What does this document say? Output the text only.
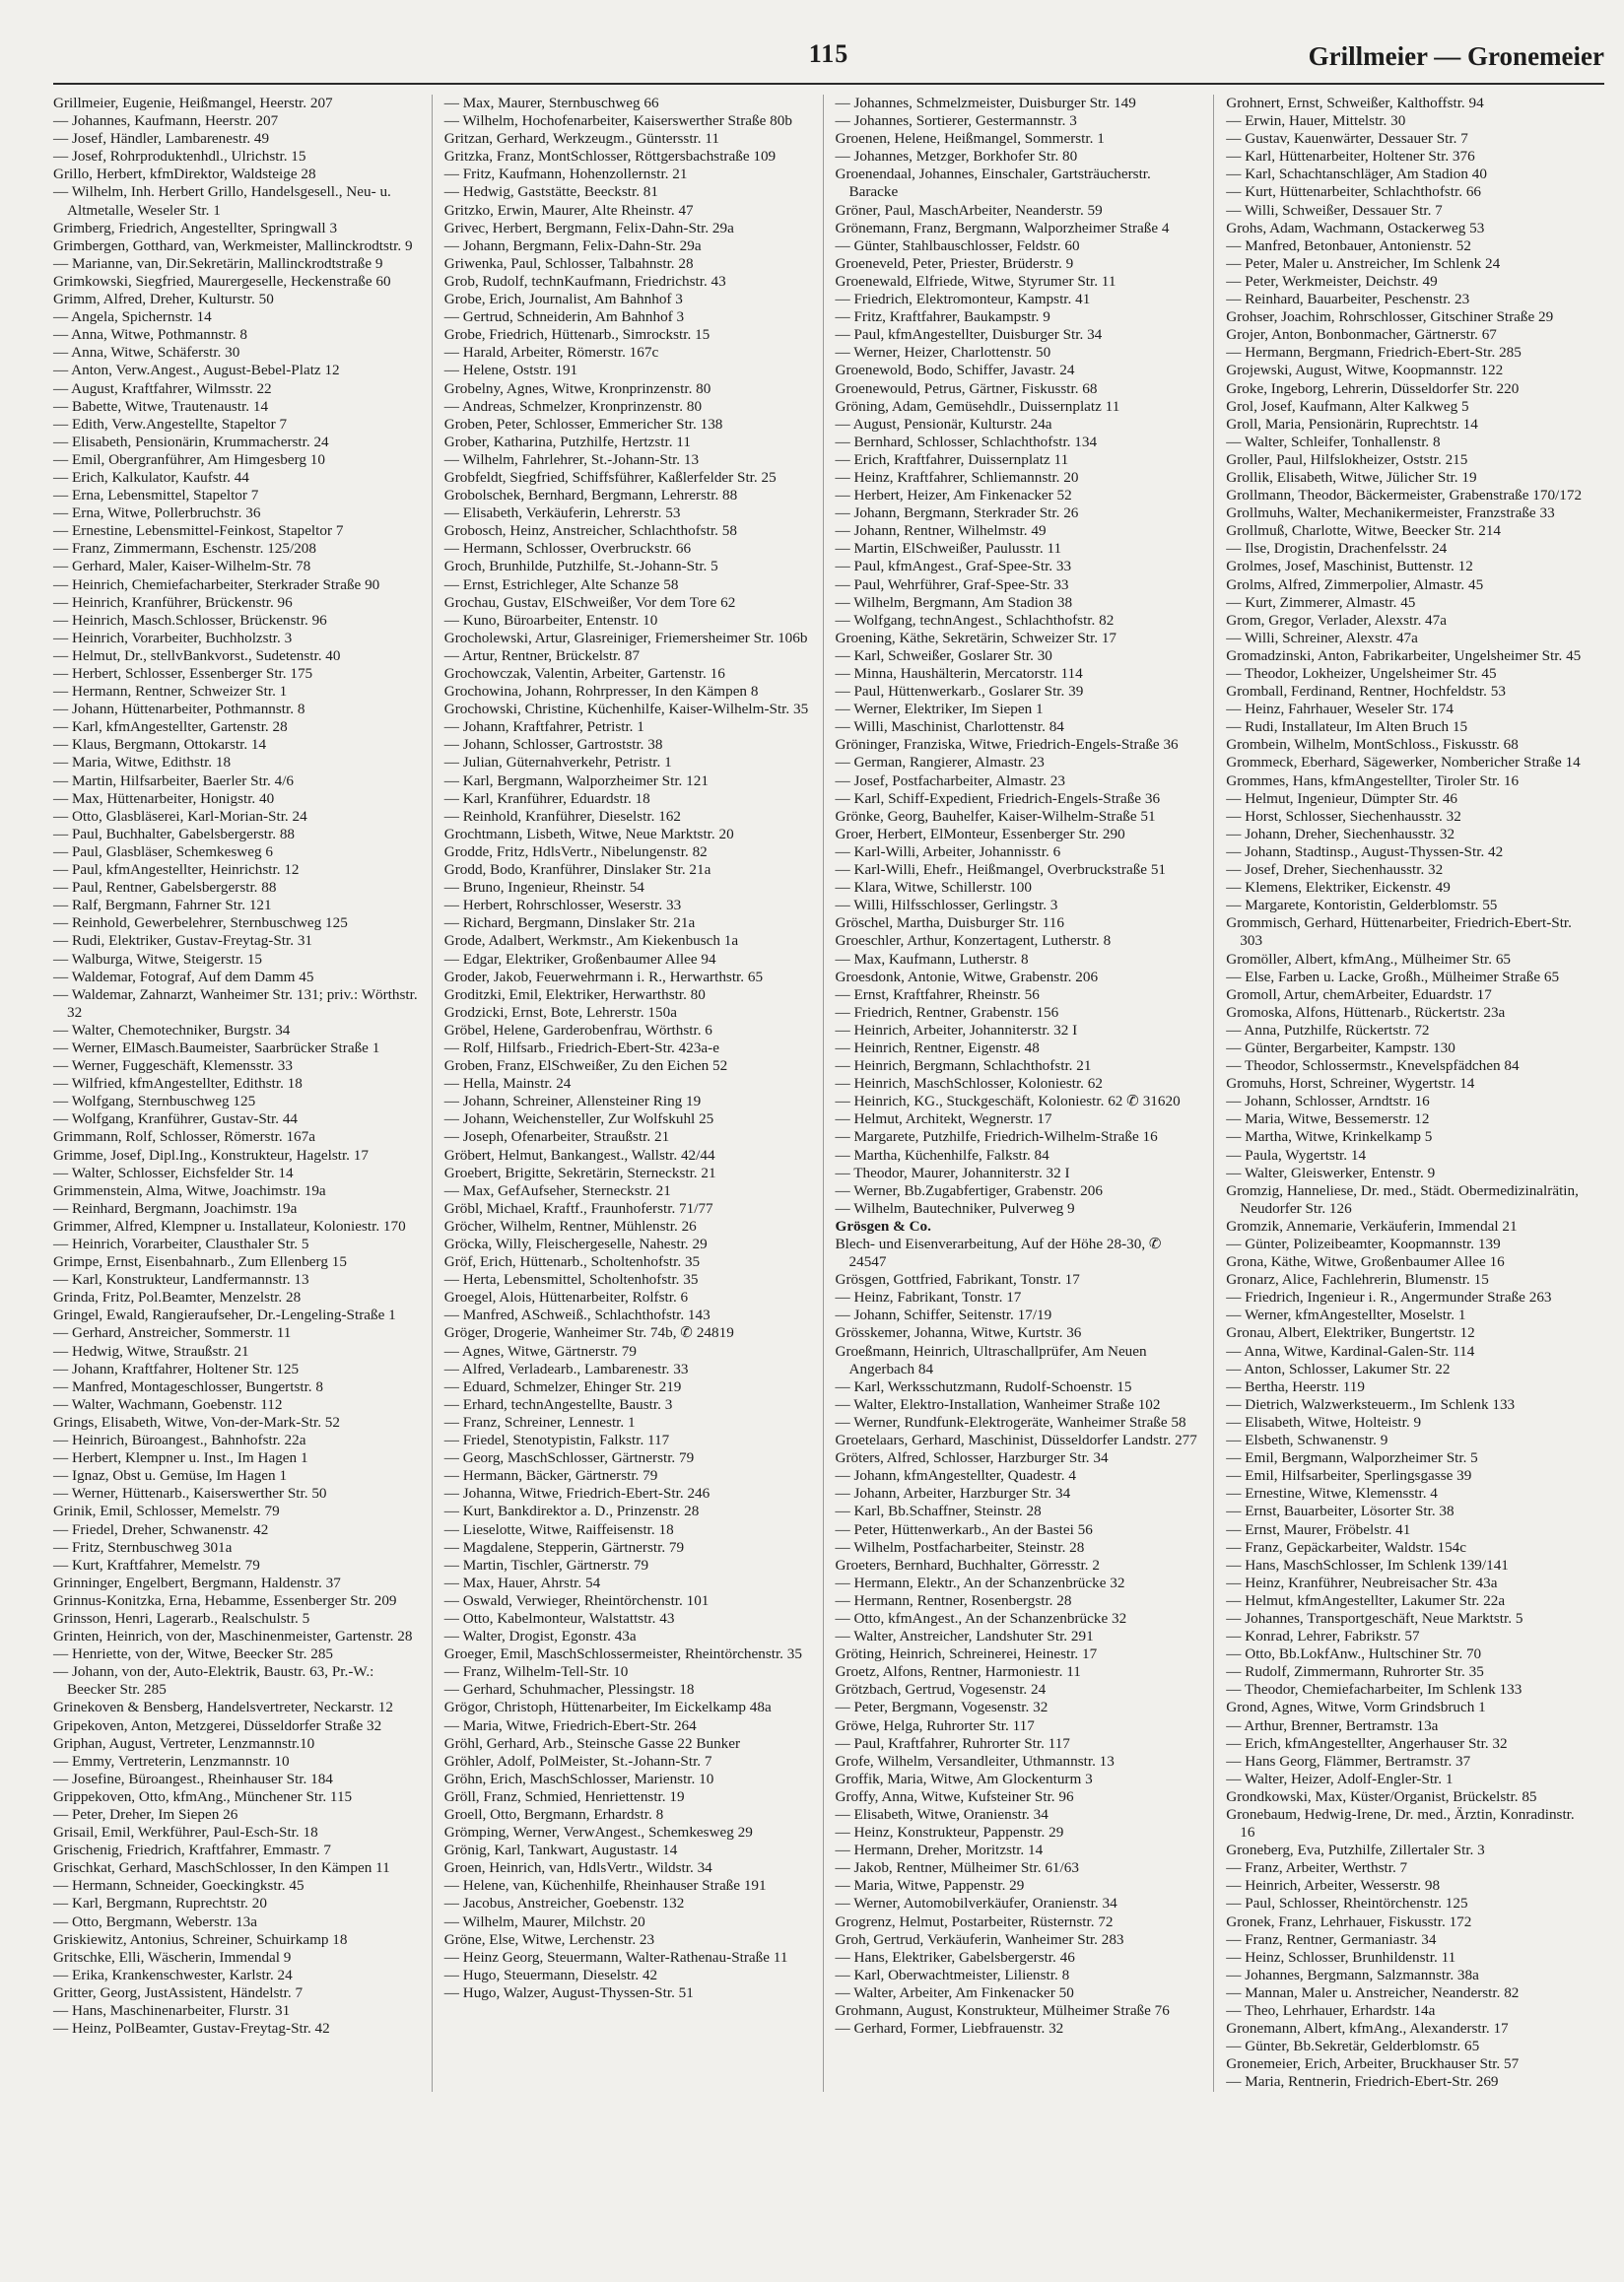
115	Grillmeier — Gronemeier

Grillmeier, Eugenie, Heißmangel, Heerstr. 207

— Johannes, Kaufmann, Heerstr. 207

— Josef, Händler, Lambarenestr. 49

— Josef, Rohrproduktenhdl., Ulrichstr. 15

Grillo, Herbert, kfmDirektor, Waldsteige 28

— Wilhelm, Inh. Herbert Grillo, Handelsgesell., Neu- u. Altmetalle, Weseler Str. 1

Grimberg, Friedrich, Angestellter, Springwall 3

Grimbergen, Gotthard, van, Werkmeister, Mallinckrodtstr. 9

— Marianne, van, Dir.Sekretärin, Mallinckrodtstraße 9

Grimkowski, Siegfried, Maurergeselle, Heckenstraße 60

Grimm, Alfred, Dreher, Kulturstr. 50

— Angela, Spichernstr. 14

— Anna, Witwe, Pothmannstr. 8

— Anna, Witwe, Schäferstr. 30

— Anton, Verw.Angest., August-Bebel-Platz 12

— August, Kraftfahrer, Wilmsstr. 22

— Babette, Witwe, Trautenaustr. 14

— Edith, Verw.Angestellte, Stapeltor 7

— Elisabeth, Pensionärin, Krummacherstr. 24

— Emil, Obergranführer, Am Himgesberg 10

— Erich, Kalkulator, Kaufstr. 44

— Erna, Lebensmittel, Stapeltor 7

— Erna, Witwe, Pollerbruchstr. 36

— Ernestine, Lebensmittel-Feinkost, Stapeltor 7

— Franz, Zimmermann, Eschenstr. 125/208

— Gerhard, Maler, Kaiser-Wilhelm-Str. 78

— Heinrich, Chemiefacharbeiter, Sterkrader Straße 90

— Heinrich, Kranführer, Brückenstr. 96

— Heinrich, Masch.Schlosser, Brückenstr. 96

— Heinrich, Vorarbeiter, Buchholzstr. 3

— Helmut, Dr., stellvBankvorst., Sudetenstr. 40

— Herbert, Schlosser, Essenberger Str. 175

— Hermann, Rentner, Schweizer Str. 1

— Johann, Hüttenarbeiter, Pothmannstr. 8

— Karl, kfmAngestellter, Gartenstr. 28

— Klaus, Bergmann, Ottokarstr. 14

— Maria, Witwe, Edithstr. 18

— Martin, Hilfsarbeiter, Baerler Str. 4/6

— Max, Hüttenarbeiter, Honigstr. 40

— Otto, Glasbläserei, Karl-Morian-Str. 24

— Paul, Buchhalter, Gabelsbergerstr. 88

— Paul, Glasbläser, Schemkesweg 6

— Paul, kfmAngestellter, Heinrichstr. 12

— Paul, Rentner, Gabelsbergerstr. 88

— Ralf, Bergmann, Fahrner Str. 121

— Reinhold, Gewerbelehrer, Sternbuschweg 125

— Rudi, Elektriker, Gustav-Freytag-Str. 31

— Walburga, Witwe, Steigerstr. 15

— Waldemar, Fotograf, Auf dem Damm 45

— Waldemar, Zahnarzt, Wanheimer Str. 131; priv.: Wörthstr. 32

— Walter, Chemotechniker, Burgstr. 34

— Werner, ElMasch.Baumeister, Saarbrücker Straße 1

— Werner, Fuggeschäft, Klemensstr. 33

— Wilfried, kfmAngestellter, Edithstr. 18

— Wolfgang, Sternbuschweg 125

— Wolfgang, Kranführer, Gustav-Str. 44

Grimmann, Rolf, Schlosser, Römerstr. 167a

Grimme, Josef, Dipl.Ing., Konstrukteur, Hagelstr. 17

— Walter, Schlosser, Eichsfelder Str. 14

Grimmenstein, Alma, Witwe, Joachimstr. 19a

— Reinhard, Bergmann, Joachimstr. 19a

Grimmer, Alfred, Klempner u. Installateur, Koloniestr. 170

— Heinrich, Vorarbeiter, Clausthaler Str. 5

Grimpe, Ernst, Eisenbahnarb., Zum Ellenberg 15

— Karl, Konstrukteur, Landfermannstr. 13

Grinda, Fritz, Pol.Beamter, Menzelstr. 28

Gringel, Ewald, Rangieraufseher, Dr.-Lengeling-Straße 1

— Gerhard, Anstreicher, Sommerstr. 11

— Hedwig, Witwe, Straußstr. 21

— Johann, Kraftfahrer, Holtener Str. 125

— Manfred, Montageschlosser, Bungertstr. 8

— Walter, Wachmann, Goebenstr. 112

Grings, Elisabeth, Witwe, Von-der-Mark-Str. 52

— Heinrich, Büroangest., Bahnhofstr. 22a

— Herbert, Klempner u. Inst., Im Hagen 1

— Ignaz, Obst u. Gemüse, Im Hagen 1

— Werner, Hüttenarb., Kaiserswerther Str. 50

Grinik, Emil, Schlosser, Memelstr. 79

— Friedel, Dreher, Schwanenstr. 42

— Fritz, Sternbuschweg 301a

— Kurt, Kraftfahrer, Memelstr. 79

Grinninger, Engelbert, Bergmann, Haldenstr. 37

Grinnus-Konitzka, Erna, Hebamme, Essenberger Str. 209

Grinsson, Henri, Lagerarb., Realschulstr. 5

Grinten, Heinrich, von der, Maschinenmeister, Gartenstr. 28

— Henriette, von der, Witwe, Beecker Str. 285

— Johann, von der, Auto-Elektrik, Baustr. 63, Pr.-W.: Beecker Str. 285

Grinekoven & Bensberg, Handelsvertreter, Neckarstr. 12

Gripekoven, Anton, Metzgerei, Düsseldorfer Straße 32

Griphan, August, Vertreter, Lenzmannstr.10

— Emmy, Vertreterin, Lenzmannstr. 10

— Josefine, Büroangest., Rheinhauser Str. 184

Grippekoven, Otto, kfmAng., Münchener Str. 115

— Peter, Dreher, Im Siepen 26

Grisail, Emil, Werkführer, Paul-Esch-Str. 18

Grischenig, Friedrich, Kraftfahrer, Emmastr. 7

Grischkat, Gerhard, MaschSchlosser, In den Kämpen 11

— Hermann, Schneider, Goeckingkstr. 45

— Karl, Bergmann, Ruprechtstr. 20

— Otto, Bergmann, Weberstr. 13a

Griskiewitz, Antonius, Schreiner, Schuirkamp 18

Gritschke, Elli, Wäscherin, Immendal 9

— Erika, Krankenschwester, Karlstr. 24

Gritter, Georg, JustAssistent, Händelstr. 7

— Hans, Maschinenarbeiter, Flurstr. 31

— Heinz, PolBeamter, Gustav-Freytag-Str. 42

— Max, Maurer, Sternbuschweg 66

— Wilhelm, Hochofenarbeiter, Kaiserswerther Straße 80b

Gritzan, Gerhard, Werkzeugm., Güntersstr. 11

Gritzka, Franz, MontSchlosser, Röttgersbachstraße 109

— Fritz, Kaufmann, Hohenzollernstr. 21

— Hedwig, Gaststätte, Beeckstr. 81

Gritzko, Erwin, Maurer, Alte Rheinstr. 47

Grivec, Herbert, Bergmann, Felix-Dahn-Str. 29a

— Johann, Bergmann, Felix-Dahn-Str. 29a

Griwenka, Paul, Schlosser, Talbahnstr. 28

Grob, Rudolf, technKaufmann, Friedrichstr. 43

Grobe, Erich, Journalist, Am Bahnhof 3

— Gertrud, Schneiderin, Am Bahnhof 3

Grobe, Friedrich, Hüttenarb., Simrockstr. 15

— Harald, Arbeiter, Römerstr. 167c

— Helene, Oststr. 191

Grobelny, Agnes, Witwe, Kronprinzenstr. 80

— Andreas, Schmelzer, Kronprinzenstr. 80

Groben, Peter, Schlosser, Emmericher Str. 138

Grober, Katharina, Putzhilfe, Hertzstr. 11

— Wilhelm, Fahrlehrer, St.-Johann-Str. 13

Grobfeldt, Siegfried, Schiffsführer, Kaßlerfelder Str. 25

Grobolschek, Bernhard, Bergmann, Lehrerstr. 88

— Elisabeth, Verkäuferin, Lehrerstr. 53

Grobosch, Heinz, Anstreicher, Schlachthofstr. 58

— Hermann, Schlosser, Overbruckstr. 66

Groch, Brunhilde, Putzhilfe, St.-Johann-Str. 5

— Ernst, Estrichleger, Alte Schanze 58

Grochau, Gustav, ElSchweißer, Vor dem Tore 62

— Kuno, Büroarbeiter, Entenstr. 10

Grocholewski, Artur, Glasreiniger, Friemersheimer Str. 106b

— Artur, Rentner, Brückelstr. 87

Grochowczak, Valentin, Arbeiter, Gartenstr. 16

Grochowina, Johann, Rohrpresser, In den Kämpen 8

Grochowski, Christine, Küchenhilfe, Kaiser-Wilhelm-Str. 35

— Johann, Kraftfahrer, Petristr. 1

— Johann, Schlosser, Gartroststr. 38

— Julian, Güternahverkehr, Petristr. 1

— Karl, Bergmann, Walporzheimer Str. 121

— Karl, Kranführer, Eduardstr. 18

— Reinhold, Kranführer, Dieselstr. 162

Grochtmann, Lisbeth, Witwe, Neue Marktstr. 20

Grodde, Fritz, HdlsVertr., Nibelungenstr. 82

Grodd, Bodo, Kranführer, Dinslaker Str. 21a

— Bruno, Ingenieur, Rheinstr. 54

— Herbert, Rohrschlosser, Weserstr. 33

— Richard, Bergmann, Dinslaker Str. 21a

Grode, Adalbert, Werkmstr., Am Kiekenbusch 1a

— Edgar, Elektriker, Großenbaumer Allee 94

Groder, Jakob, Feuerwehrmann i. R., Herwarthstr. 65

Groditzki, Emil, Elektriker, Herwarthstr. 80

Grodzicki, Ernst, Bote, Lehrerstr. 150a

Gröbel, Helene, Garderobenfrau, Wörthstr. 6

— Rolf, Hilfsarb., Friedrich-Ebert-Str. 423a-e

Groben, Franz, ElSchweißer, Zu den Eichen 52

— Hella, Mainstr. 24

— Johann, Schreiner, Allensteiner Ring 19

— Johann, Weichensteller, Zur Wolfskuhl 25

— Joseph, Ofenarbeiter, Straußstr. 21

Gröbert, Helmut, Bankangest., Wallstr. 42/44

Groebert, Brigitte, Sekretärin, Sterneckstr. 21

— Max, GefAufseher, Sterneckstr. 21

Gröbl, Michael, Kraftf., Fraunhoferstr. 71/77

Gröcher, Wilhelm, Rentner, Mühlenstr. 26

Gröcka, Willy, Fleischergeselle, Nahestr. 29

Gröf, Erich, Hüttenarb., Scholtenhofstr. 35

— Herta, Lebensmittel, Scholtenhofstr. 35

Groegel, Alois, Hüttenarbeiter, Rolfstr. 6

— Manfred, ASchweiß., Schlachthofstr. 143

Gröger, Drogerie, Wanheimer Str. 74b, ✆ 24819

— Agnes, Witwe, Gärtnerstr. 79

— Alfred, Verladearb., Lambarenestr. 33

— Eduard, Schmelzer, Ehinger Str. 219

— Erhard, technAngestellte, Baustr. 3

— Franz, Schreiner, Lennestr. 1

— Friedel, Stenotypistin, Falkstr. 117

— Georg, MaschSchlosser, Gärtnerstr. 79

— Hermann, Bäcker, Gärtnerstr. 79

— Johanna, Witwe, Friedrich-Ebert-Str. 246

— Kurt, Bankdirektor a. D., Prinzenstr. 28

— Lieselotte, Witwe, Raiffeisenstr. 18

— Magdalene, Stepperin, Gärtnerstr. 79

— Martin, Tischler, Gärtnerstr. 79

— Max, Hauer, Ahrstr. 54

— Oswald, Verwieger, Rheintörchenstr. 101

— Otto, Kabelmonteur, Walstattstr. 43

— Walter, Drogist, Egonstr. 43a

Groeger, Emil, MaschSchlossermeister, Rheintörchenstr. 35

— Franz, Wilhelm-Tell-Str. 10

— Gerhard, Schuhmacher, Plessingstr. 18

Grögor, Christoph, Hüttenarbeiter, Im Eickelkamp 48a

— Maria, Witwe, Friedrich-Ebert-Str. 264

Gröhl, Gerhard, Arb., Steinsche Gasse 22 Bunker

Gröhler, Adolf, PolMeister, St.-Johann-Str. 7

Gröhn, Erich, MaschSchlosser, Marienstr. 10

Gröll, Franz, Schmied, Henriettenstr. 19

Groell, Otto, Bergmann, Erhardstr. 8

Grömping, Werner, VerwAngest., Schemkesweg 29

Grönig, Karl, Tankwart, Augustastr. 14

Groen, Heinrich, van, HdlsVertr., Wildstr. 34

— Helene, van, Küchenhilfe, Rheinhauser Straße 191

— Jacobus, Anstreicher, Goebenstr. 132

— Wilhelm, Maurer, Milchstr. 20

Gröne, Else, Witwe, Lerchenstr. 23

— Heinz Georg, Steuermann, Walter-Rathenau-Straße 11

— Hugo, Steuermann, Dieselstr. 42

— Hugo, Walzer, August-Thyssen-Str. 51

— Johannes, Schmelzmeister, Duisburger Str. 149

— Johannes, Sortierer, Gestermannstr. 3

Groenen, Helene, Heißmangel, Sommerstr. 1

— Johannes, Metzger, Borkhofer Str. 80

Groenendaal, Johannes, Einschaler, Gartsträucherstr. Baracke

Gröner, Paul, MaschArbeiter, Neanderstr. 59

Grönemann, Franz, Bergmann, Walporzheimer Straße 4

— Günter, Stahlbauschlosser, Feldstr. 60

Groeneveld, Peter, Priester, Brüderstr. 9

Groenewald, Elfriede, Witwe, Styrumer Str. 11

— Friedrich, Elektromonteur, Kampstr. 41

— Fritz, Kraftfahrer, Baukampstr. 9

— Paul, kfmAngestellter, Duisburger Str. 34

— Werner, Heizer, Charlottenstr. 50

Groenewold, Bodo, Schiffer, Javastr. 24

Groenewould, Petrus, Gärtner, Fiskusstr. 68

Gröning, Adam, Gemüsehdlr., Duissernplatz 11

— August, Pensionär, Kulturstr. 24a

— Bernhard, Schlosser, Schlachthofstr. 134

— Erich, Kraftfahrer, Duissernplatz 11

— Heinz, Kraftfahrer, Schliemannstr. 20

— Herbert, Heizer, Am Finkenacker 52

— Johann, Bergmann, Sterkrader Str. 26

— Johann, Rentner, Wilhelmstr. 49

— Martin, ElSchweißer, Paulusstr. 11

— Paul, kfmAngest., Graf-Spee-Str. 33

— Paul, Wehrführer, Graf-Spee-Str. 33

— Wilhelm, Bergmann, Am Stadion 38

— Wolfgang, technAngest., Schlachthofstr. 82

Groening, Käthe, Sekretärin, Schweizer Str. 17

— Karl, Schweißer, Goslarer Str. 30

— Minna, Haushälterin, Mercatorstr. 114

— Paul, Hüttenwerkarb., Goslarer Str. 39

— Werner, Elektriker, Im Siepen 1

— Willi, Maschinist, Charlottenstr. 84

Gröninger, Franziska, Witwe, Friedrich-Engels-Straße 36

— German, Rangierer, Almastr. 23

— Josef, Postfacharbeiter, Almastr. 23

— Karl, Schiff-Expedient, Friedrich-Engels-Straße 36

Grönke, Georg, Bauhelfer, Kaiser-Wilhelm-Straße 51

Groer, Herbert, ElMonteur, Essenberger Str. 290

— Karl-Willi, Arbeiter, Johannisstr. 6

— Karl-Willi, Ehefr., Heißmangel, Overbruckstraße 51

— Klara, Witwe, Schillerstr. 100

— Willi, Hilfsschlosser, Gerlingstr. 3

Gröschel, Martha, Duisburger Str. 116

Groeschler, Arthur, Konzertagent, Lutherstr. 8

— Max, Kaufmann, Lutherstr. 8

Groesdonk, Antonie, Witwe, Grabenstr. 206

— Ernst, Kraftfahrer, Rheinstr. 56

— Friedrich, Rentner, Grabenstr. 156

— Heinrich, Arbeiter, Johanniterstr. 32 I

— Heinrich, Rentner, Eigenstr. 48

— Heinrich, Bergmann, Schlachthofstr. 21

— Heinrich, MaschSchlosser, Koloniestr. 62

— Heinrich, KG., Stuckgeschäft, Koloniestr. 62 ✆ 31620

— Helmut, Architekt, Wegnerstr. 17

— Margarete, Putzhilfe, Friedrich-Wilhelm-Straße 16

— Martha, Küchenhilfe, Falkstr. 84

— Theodor, Maurer, Johanniterstr. 32 I

— Werner, Bb.Zugabfertiger, Grabenstr. 206

— Wilhelm, Bautechniker, Pulverweg 9

Grösgen & Co.

Blech- und Eisenverarbeitung, Auf der Höhe 28-30, ✆ 24547

Grösgen, Gottfried, Fabrikant, Tonstr. 17

— Heinz, Fabrikant, Tonstr. 17

— Johann, Schiffer, Seitenstr. 17/19

Grösskemer, Johanna, Witwe, Kurtstr. 36

Groeßmann, Heinrich, Ultraschallprüfer, Am Neuen Angerbach 84

— Karl, Werksschutzmann, Rudolf-Schoenstr. 15

— Walter, Elektro-Installation, Wanheimer Straße 102

— Werner, Rundfunk-Elektrogeräte, Wanheimer Straße 58

Groetelaars, Gerhard, Maschinist, Düsseldorfer Landstr. 277

Gröters, Alfred, Schlosser, Harzburger Str. 34

— Johann, kfmAngestellter, Quadestr. 4

— Johann, Arbeiter, Harzburger Str. 34

— Karl, Bb.Schaffner, Steinstr. 28

— Peter, Hüttenwerkarb., An der Bastei 56

— Wilhelm, Postfacharbeiter, Steinstr. 28

Groeters, Bernhard, Buchhalter, Görresstr. 2

— Hermann, Elektr., An der Schanzenbrücke 32

— Hermann, Rentner, Rosenbergstr. 28

— Otto, kfmAngest., An der Schanzenbrücke 32

— Walter, Anstreicher, Landshuter Str. 291

Gröting, Heinrich, Schreinerei, Heinestr. 17

Groetz, Alfons, Rentner, Harmoniestr. 11

Grötzbach, Gertrud, Vogesenstr. 24

— Peter, Bergmann, Vogesenstr. 32

Gröwe, Helga, Ruhrorter Str. 117

— Paul, Kraftfahrer, Ruhrorter Str. 117

Grofe, Wilhelm, Versandleiter, Uthmannstr. 13

Groffik, Maria, Witwe, Am Glockenturm 3

Groffy, Anna, Witwe, Kufsteiner Str. 96

— Elisabeth, Witwe, Oranienstr. 34

— Heinz, Konstrukteur, Pappenstr. 29

— Hermann, Dreher, Moritzstr. 14

— Jakob, Rentner, Mülheimer Str. 61/63

— Maria, Witwe, Pappenstr. 29

— Werner, Automobilverkäufer, Oranienstr. 34

Grogrenz, Helmut, Postarbeiter, Rüsternstr. 72

Groh, Gertrud, Verkäuferin, Wanheimer Str. 283

— Hans, Elektriker, Gabelsbergerstr. 46

— Karl, Oberwachtmeister, Lilienstr. 8

— Walter, Arbeiter, Am Finkenacker 50

Grohmann, August, Konstrukteur, Mülheimer Straße 76

— Gerhard, Former, Liebfrauenstr. 32

Grohnert, Ernst, Schweißer, Kalthoffstr. 94

— Erwin, Hauer, Mittelstr. 30

— Gustav, Kauenwärter, Dessauer Str. 7

— Karl, Hüttenarbeiter, Holtener Str. 376

— Karl, Schachtanschläger, Am Stadion 40

— Kurt, Hüttenarbeiter, Schlachthofstr. 66

— Willi, Schweißer, Dessauer Str. 7

Grohs, Adam, Wachmann, Ostackerweg 53

— Manfred, Betonbauer, Antonienstr. 52

— Peter, Maler u. Anstreicher, Im Schlenk 24

— Peter, Werkmeister, Deichstr. 49

— Reinhard, Bauarbeiter, Peschenstr. 23

Grohser, Joachim, Rohrschlosser, Gitschiner Straße 29

Grojer, Anton, Bonbonmacher, Gärtnerstr. 67

— Hermann, Bergmann, Friedrich-Ebert-Str. 285

Grojewski, August, Witwe, Koopmannstr. 122

Groke, Ingeborg, Lehrerin, Düsseldorfer Str. 220

Grol, Josef, Kaufmann, Alter Kalkweg 5

Groll, Maria, Pensionärin, Ruprechtstr. 14

— Walter, Schleifer, Tonhallenstr. 8

Groller, Paul, Hilfslokheizer, Oststr. 215

Grollik, Elisabeth, Witwe, Jülicher Str. 19

Grollmann, Theodor, Bäckermeister, Grabenstraße 170/172

Grollmuhs, Walter, Mechanikermeister, Franzstraße 33

Grollmuß, Charlotte, Witwe, Beecker Str. 214

— Ilse, Drogistin, Drachenfelsstr. 24

Grolmes, Josef, Maschinist, Buttenstr. 12

Grolms, Alfred, Zimmerpolier, Almastr. 45

— Kurt, Zimmerer, Almastr. 45

Grom, Gregor, Verlader, Alexstr. 47a

— Willi, Schreiner, Alexstr. 47a

Gromadzinski, Anton, Fabrikarbeiter, Ungelsheimer Str. 45

— Theodor, Lokheizer, Ungelsheimer Str. 45

Gromball, Ferdinand, Rentner, Hochfeldstr. 53

— Heinz, Fahrhauer, Weseler Str. 174

— Rudi, Installateur, Im Alten Bruch 15

Grombein, Wilhelm, MontSchloss., Fiskusstr. 68

Grommeck, Eberhard, Sägewerker, Nombericher Straße 14

Grommes, Hans, kfmAngestellter, Tiroler Str. 16

— Helmut, Ingenieur, Dümpter Str. 46

— Horst, Schlosser, Siechenhausstr. 32

— Johann, Dreher, Siechenhausstr. 32

— Johann, Stadtinsp., August-Thyssen-Str. 42

— Josef, Dreher, Siechenhausstr. 32

— Klemens, Elektriker, Eickenstr. 49

— Margarete, Kontoristin, Gelderblomstr. 55

Grommisch, Gerhard, Hüttenarbeiter, Friedrich-Ebert-Str. 303

Gromöller, Albert, kfmAng., Mülheimer Str. 65

— Else, Farben u. Lacke, Großh., Mülheimer Straße 65

Gromoll, Artur, chemArbeiter, Eduardstr. 17

Gromoska, Alfons, Hüttenarb., Rückertstr. 23a

— Anna, Putzhilfe, Rückertstr. 72

— Günter, Bergarbeiter, Kampstr. 130

— Theodor, Schlossermstr., Knevelspfädchen 84

Gromuhs, Horst, Schreiner, Wygertstr. 14

— Johann, Schlosser, Arndtstr. 16

— Maria, Witwe, Bessemerstr. 12

— Martha, Witwe, Krinkelkamp 5

— Paula, Wygertstr. 14

— Walter, Gleiswerker, Entenstr. 9

Gromzig, Hanneliese, Dr. med., Städt. Obermedizinalrätin, Neudorfer Str. 126

Gromzik, Annemarie, Verkäuferin, Immendal 21

— Günter, Polizeibeamter, Koopmannstr. 139

Grona, Käthe, Witwe, Großenbaumer Allee 16

Gronarz, Alice, Fachlehrerin, Blumenstr. 15

— Friedrich, Ingenieur i. R., Angermunder Straße 263

— Werner, kfmAngestellter, Moselstr. 1

Gronau, Albert, Elektriker, Bungertstr. 12

— Anna, Witwe, Kardinal-Galen-Str. 114

— Anton, Schlosser, Lakumer Str. 22

— Bertha, Heerstr. 119

— Dietrich, Walzwerksteuerm., Im Schlenk 133

— Elisabeth, Witwe, Holteistr. 9

— Elsbeth, Schwanenstr. 9

— Emil, Bergmann, Walporzheimer Str. 5

— Emil, Hilfsarbeiter, Sperlingsgasse 39

— Ernestine, Witwe, Klemensstr. 4

— Ernst, Bauarbeiter, Lösorter Str. 38

— Ernst, Maurer, Fröbelstr. 41

— Franz, Gepäckarbeiter, Waldstr. 154c

— Hans, MaschSchlosser, Im Schlenk 139/141

— Heinz, Kranführer, Neubreisacher Str. 43a

— Helmut, kfmAngestellter, Lakumer Str. 22a

— Johannes, Transportgeschäft, Neue Marktstr. 5

— Konrad, Lehrer, Fabrikstr. 57

— Otto, Bb.LokfAnw., Hultschiner Str. 70

— Rudolf, Zimmermann, Ruhrorter Str. 35

— Theodor, Chemiefacharbeiter, Im Schlenk 133

Grond, Agnes, Witwe, Vorm Grindsbruch 1

— Arthur, Brenner, Bertramstr. 13a

— Erich, kfmAngestellter, Angerhauser Str. 32

— Hans Georg, Flämmer, Bertramstr. 37

— Walter, Heizer, Adolf-Engler-Str. 1

Grondkowski, Max, Küster/Organist, Brückelstr. 85

Gronebaum, Hedwig-Irene, Dr. med., Ärztin, Konradinstr. 16

Groneberg, Eva, Putzhilfe, Zillertaler Str. 3

— Franz, Arbeiter, Werthstr. 7

— Heinrich, Arbeiter, Wesserstr. 98

— Paul, Schlosser, Rheintörchenstr. 125

Gronek, Franz, Lehrhauer, Fiskusstr. 172

— Franz, Rentner, Germaniastr. 34

— Heinz, Schlosser, Brunhildenstr. 11

— Johannes, Bergmann, Salzmannstr. 38a

— Mannan, Maler u. Anstreicher, Neanderstr. 82

— Theo, Lehrhauer, Erhardstr. 14a

Gronemann, Albert, kfmAng., Alexanderstr. 17

— Günter, Bb.Sekretär, Gelderblomstr. 65

Gronemeier, Erich, Arbeiter, Bruckhauser Str. 57

— Maria, Rentnerin, Friedrich-Ebert-Str. 269
